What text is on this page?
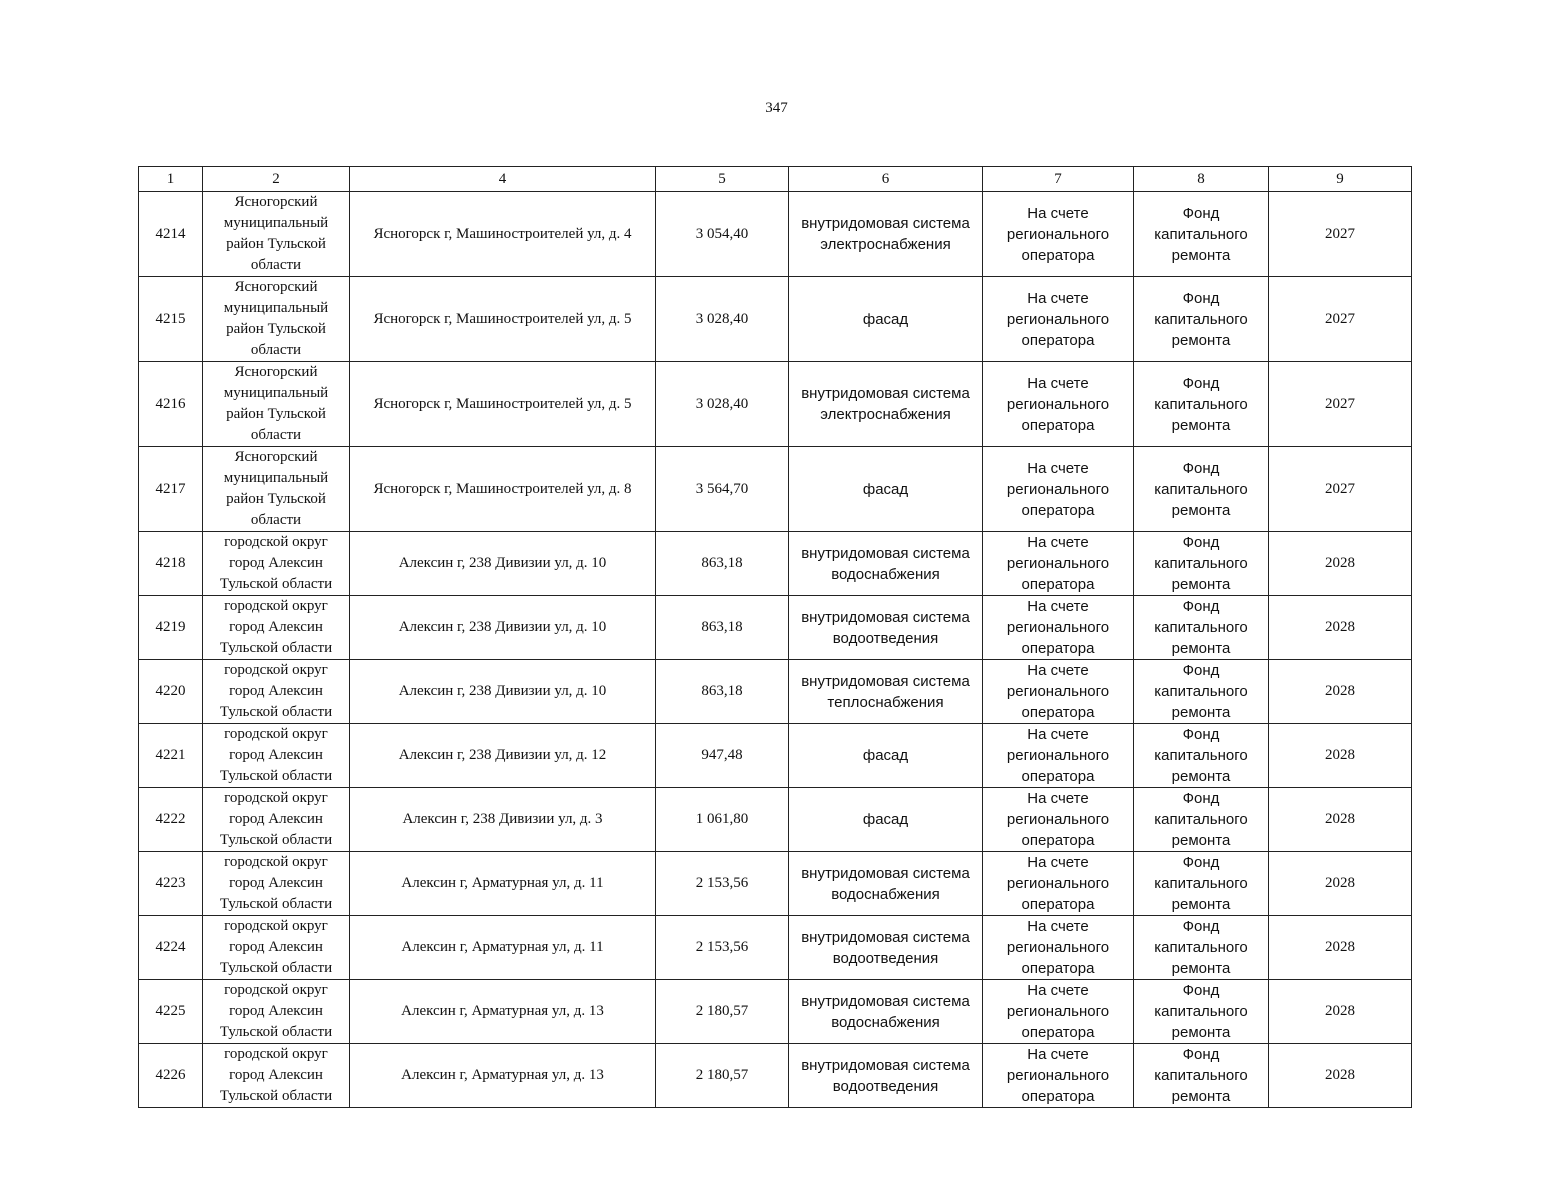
347
1	2	4	5	6	7	8	9
4214	Ясногорский муниципальный район Тульской области	Ясногорск г, Машиностроителей ул, д. 4	3 054,40	внутридомовая система электроснабжения	На счете регионального оператора	Фонд капитального ремонта	2027
4215	Ясногорский муниципальный район Тульской области	Ясногорск г, Машиностроителей ул, д. 5	3 028,40	фасад	На счете регионального оператора	Фонд капитального ремонта	2027
4216	Ясногорский муниципальный район Тульской области	Ясногорск г, Машиностроителей ул, д. 5	3 028,40	внутридомовая система электроснабжения	На счете регионального оператора	Фонд капитального ремонта	2027
4217	Ясногорский муниципальный район Тульской области	Ясногорск г, Машиностроителей ул, д. 8	3 564,70	фасад	На счете регионального оператора	Фонд капитального ремонта	2027
4218	городской округ город Алексин Тульской области	Алексин г, 238 Дивизии ул, д. 10	863,18	внутридомовая система водоснабжения	На счете регионального оператора	Фонд капитального ремонта	2028
4219	городской округ город Алексин Тульской области	Алексин г, 238 Дивизии ул, д. 10	863,18	внутридомовая система водоотведения	На счете регионального оператора	Фонд капитального ремонта	2028
4220	городской округ город Алексин Тульской области	Алексин г, 238 Дивизии ул, д. 10	863,18	внутридомовая система теплоснабжения	На счете регионального оператора	Фонд капитального ремонта	2028
4221	городской округ город Алексин Тульской области	Алексин г, 238 Дивизии ул, д. 12	947,48	фасад	На счете регионального оператора	Фонд капитального ремонта	2028
4222	городской округ город Алексин Тульской области	Алексин г, 238 Дивизии ул, д. 3	1 061,80	фасад	На счете регионального оператора	Фонд капитального ремонта	2028
4223	городской округ город Алексин Тульской области	Алексин г, Арматурная ул, д. 11	2 153,56	внутридомовая система водоснабжения	На счете регионального оператора	Фонд капитального ремонта	2028
4224	городской округ город Алексин Тульской области	Алексин г, Арматурная ул, д. 11	2 153,56	внутридомовая система водоотведения	На счете регионального оператора	Фонд капитального ремонта	2028
4225	городской округ город Алексин Тульской области	Алексин г, Арматурная ул, д. 13	2 180,57	внутридомовая система водоснабжения	На счете регионального оператора	Фонд капитального ремонта	2028
4226	городской округ город Алексин Тульской области	Алексин г, Арматурная ул, д. 13	2 180,57	внутридомовая система водоотведения	На счете регионального оператора	Фонд капитального ремонта	2028
